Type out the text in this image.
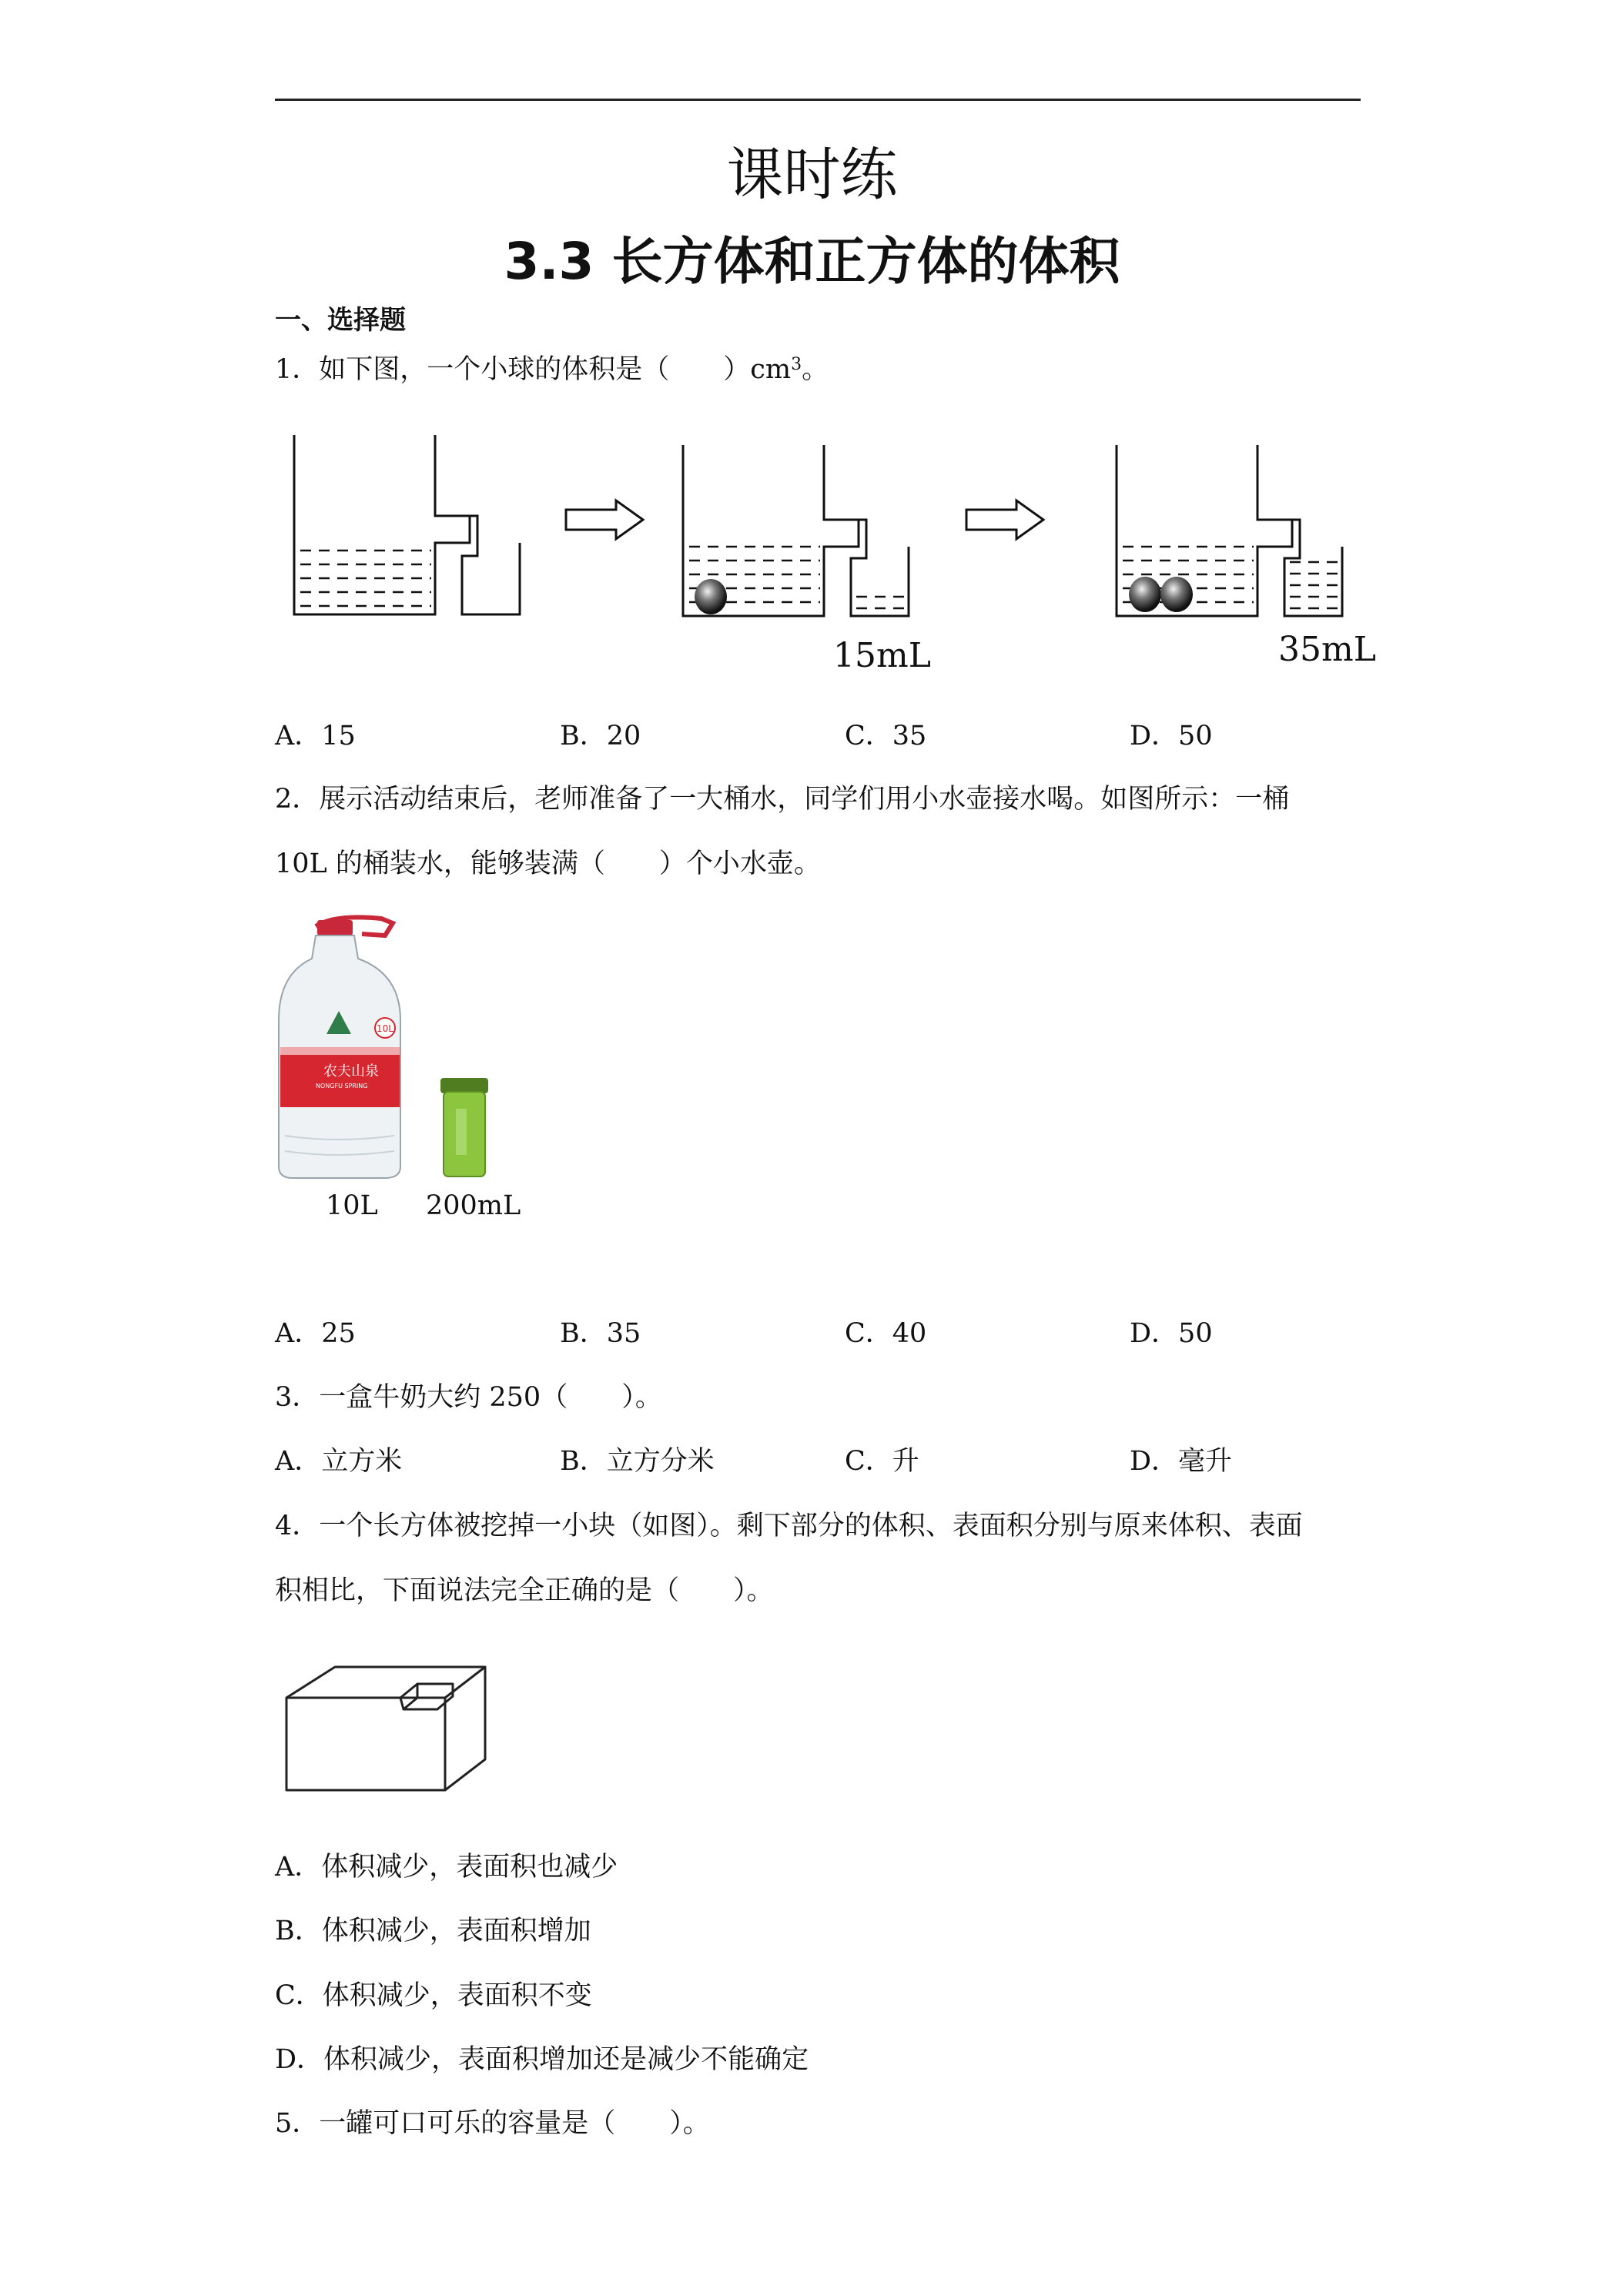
课时练
3.3 长方体和正方体的体积
一、选择题
1．如下图，一个小球的体积是（　　）$cm^3$。
15mL	35mL
A．15	B．20	C．35	D．50
2．展示活动结束后，老师准备了一大桶水，同学们用小水壶接水喝。如图所示：一桶
10L 的桶装水，能够装满（　　）个小水壶。
10L
农夫山泉
NONGFU SPRING
10L 200mL
A．25	B．35	C．40	D．50
3．一盒牛奶大约 250（　　）。
A．立方米	B．立方分米	C．升	D．毫升
4．一个长方体被挖掉一小块（如图）。剩下部分的体积、表面积分别与原来体积、表面
积相比，下面说法完全正确的是（　　）。
A．体积减少，表面积也减少
B．体积减少，表面积增加
C．体积减少，表面积不变
D．体积减少，表面积增加还是减少不能确定
5．一罐可口可乐的容量是（　　）。
